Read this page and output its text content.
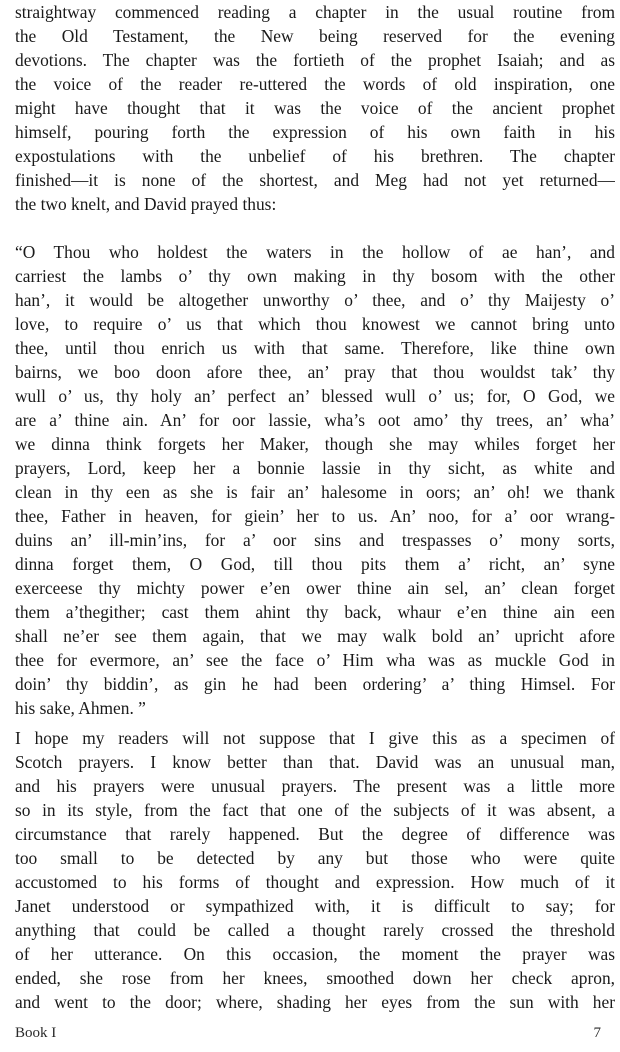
straightway commenced reading a chapter in the usual routine from
the Old Testament, the New being reserved for the evening
devotions. The chapter was the fortieth of the prophet Isaiah; and as
the voice of the reader re-uttered the words of old inspiration, one
might have thought that it was the voice of the ancient prophet
himself, pouring forth the expression of his own faith in his
expostulations with the unbelief of his brethren. The chapter
finished—it is none of the shortest, and Meg had not yet returned—
the two knelt, and David prayed thus:
“O Thou who holdest the waters in the hollow of ae han’, and
carriest the lambs o’ thy own making in thy bosom with the other
han’, it would be altogether unworthy o’ thee, and o’ thy Maijesty o’
love, to require o’ us that which thou knowest we cannot bring unto
thee, until thou enrich us with that same. Therefore, like thine own
bairns, we boo doon afore thee, an’ pray that thou wouldst tak’ thy
wull o’ us, thy holy an’ perfect an’ blessed wull o’ us; for, O God, we
are a’ thine ain. An’ for oor lassie, wha’s oot amo’ thy trees, an’ wha’
we dinna think forgets her Maker, though she may whiles forget her
prayers, Lord, keep her a bonnie lassie in thy sicht, as white and
clean in thy een as she is fair an’ halesome in oors; an’ oh! we thank
thee, Father in heaven, for giein’ her to us. An’ noo, for a’ oor wrang-
duins an’ ill-min’ins, for a’ oor sins and trespasses o’ mony sorts,
dinna forget them, O God, till thou pits them a’ richt, an’ syne
exerceese thy michty power e’en ower thine ain sel, an’ clean forget
them a’thegither; cast them ahint thy back, whaur e’en thine ain een
shall ne’er see them again, that we may walk bold an’ upricht afore
thee for evermore, an’ see the face o’ Him wha was as muckle God in
doin’ thy biddin’, as gin he had been ordering’ a’ thing Himsel. For
his sake, Ahmen. ”
I hope my readers will not suppose that I give this as a specimen of
Scotch prayers. I know better than that. David was an unusual man,
and his prayers were unusual prayers. The present was a little more
so in its style, from the fact that one of the subjects of it was absent, a
circumstance that rarely happened. But the degree of difference was
too small to be detected by any but those who were quite
accustomed to his forms of thought and expression. How much of it
Janet understood or sympathized with, it is difficult to say; for
anything that could be called a thought rarely crossed the threshold
of her utterance. On this occasion, the moment the prayer was
ended, she rose from her knees, smoothed down her check apron,
and went to the door; where, shading her eyes from the sun with her
Book I	7
